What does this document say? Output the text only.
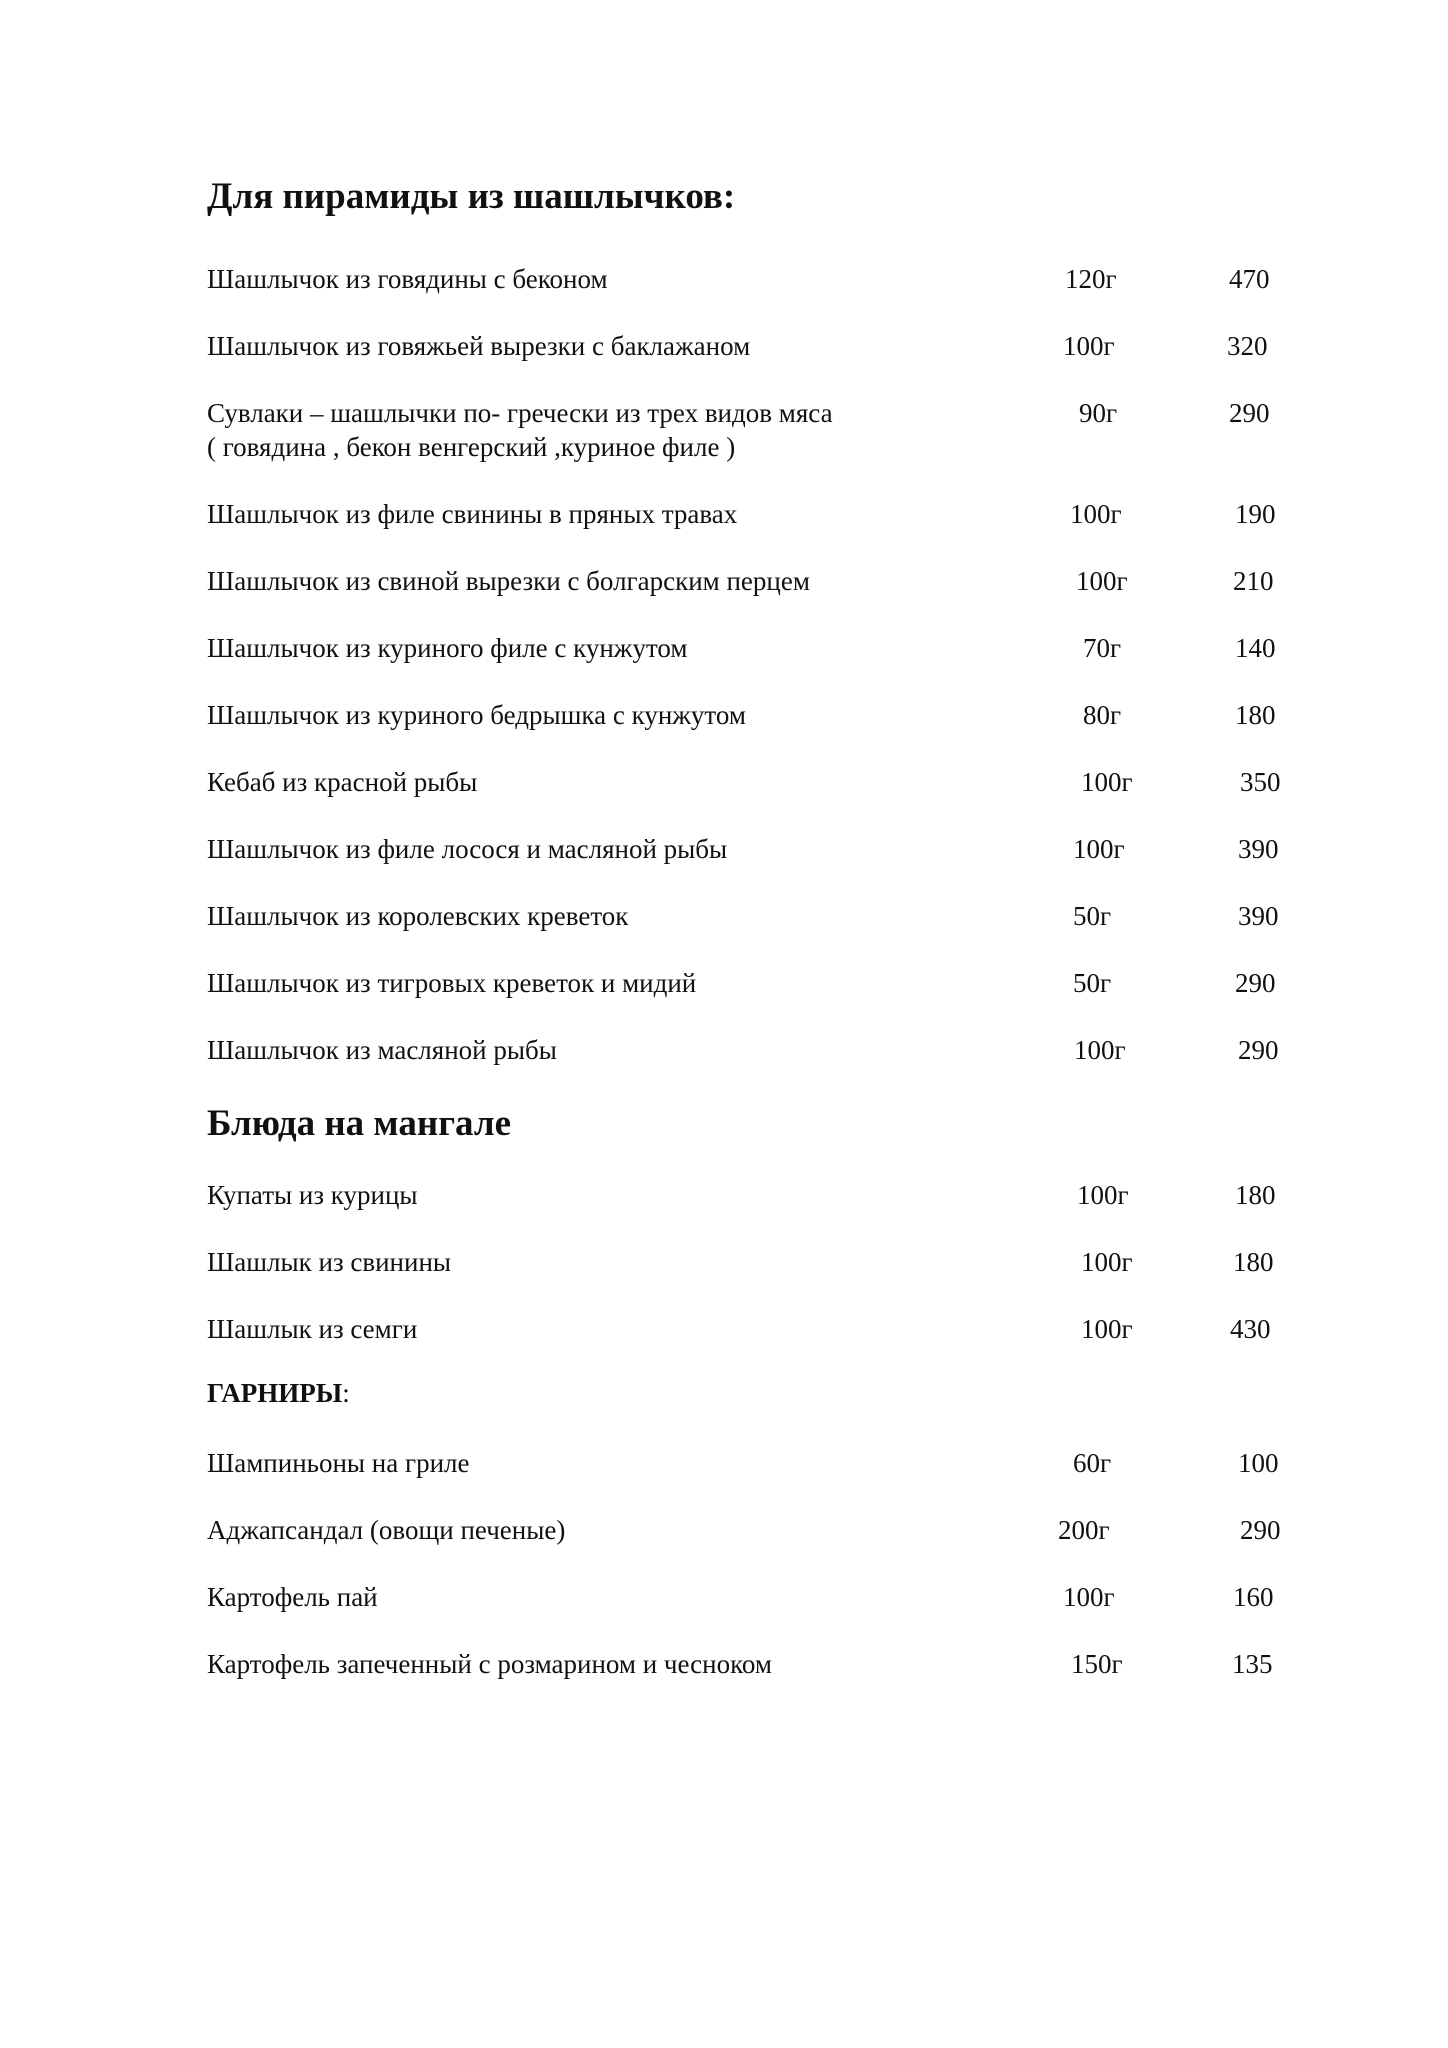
Для пирамиды из шашлычков:
Шашлычок из говядины с беконом	120г	470
Шашлычок из говяжьей вырезки с баклажаном	100г	320
Сувлаки – шашлычки по- гречески из трех видов мяса
( говядина , бекон венгерский ,куриное филе )
90г	290
Шашлычок из филе свинины в пряных травах	100г	190
Шашлычок из свиной вырезки с болгарским перцем	100г	210
Шашлычок из куриного филе с кунжутом	70г	140
Шашлычок из куриного бедрышка с кунжутом	80г	180
Кебаб из красной рыбы	100г	350
Шашлычок из филе лосося и масляной рыбы	100г	390
Шашлычок из королевских креветок	50г	390
Шашлычок из тигровых креветок и мидий	50г	290
Шашлычок из масляной рыбы	100г	290
Блюда на мангале
Купаты из курицы	100г	180
Шашлык из свинины	100г	180
Шашлык из семги	100г	430
ГАРНИРЫ:
Шампиньоны на гриле	60г	100
Аджапсандал (овощи печеные)	200г	290
Картофель пай	100г	160
Картофель запеченный с розмарином и чесноком	150г	135
